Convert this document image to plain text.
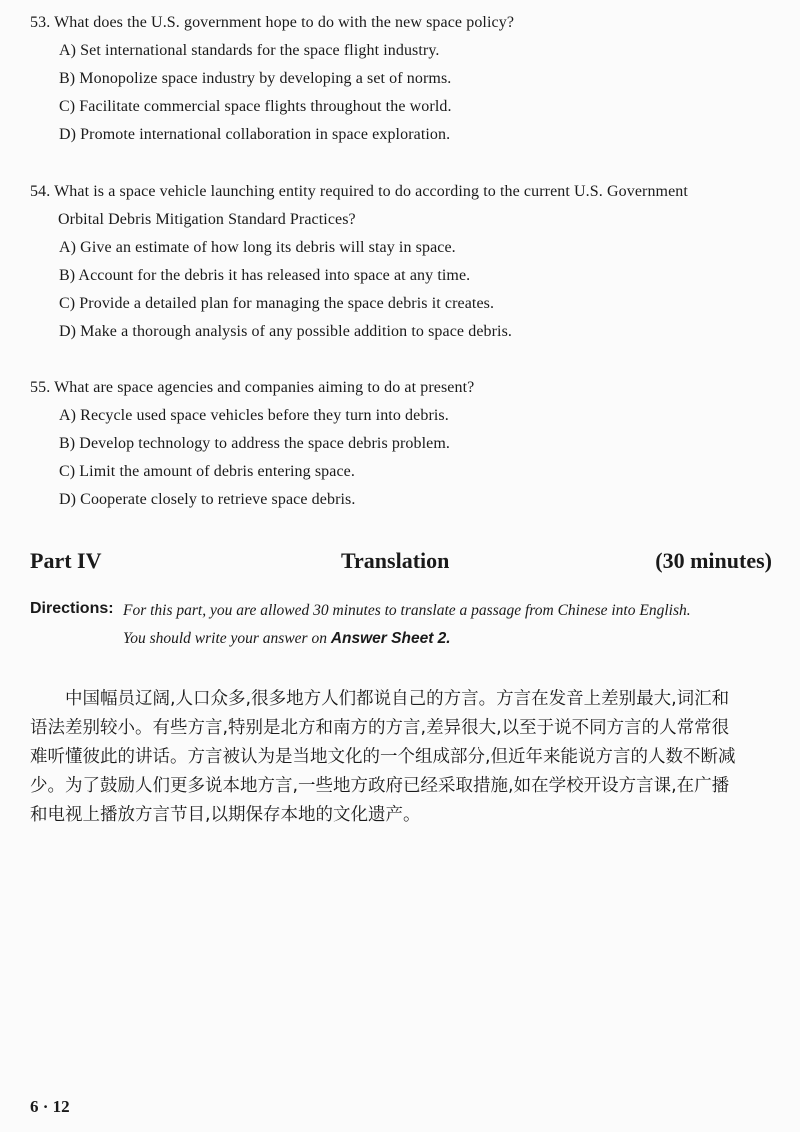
53. What does the U.S. government hope to do with the new space policy?
A) Set international standards for the space flight industry.
B) Monopolize space industry by developing a set of norms.
C) Facilitate commercial space flights throughout the world.
D) Promote international collaboration in space exploration.
54. What is a space vehicle launching entity required to do according to the current U.S. Government
Orbital Debris Mitigation Standard Practices?
A) Give an estimate of how long its debris will stay in space.
B) Account for the debris it has released into space at any time.
C) Provide a detailed plan for managing the space debris it creates.
D) Make a thorough analysis of any possible addition to space debris.
55. What are space agencies and companies aiming to do at present?
A) Recycle used space vehicles before they turn into debris.
B) Develop technology to address the space debris problem.
C) Limit the amount of debris entering space.
D) Cooperate closely to retrieve space debris.
Part IV	Translation	(30 minutes)
Directions: For this part, you are allowed 30 minutes to translate a passage from Chinese into English.
You should write your answer on Answer Sheet 2.
　　中国幅员辽阔,人口众多,很多地方人们都说自己的方言。方言在发音上差别最大,词汇和
语法差别较小。有些方言,特别是北方和南方的方言,差异很大,以至于说不同方言的人常常很
难听懂彼此的讲话。方言被认为是当地文化的一个组成部分,但近年来能说方言的人数不断减
少。为了鼓励人们更多说本地方言,一些地方政府已经采取措施,如在学校开设方言课,在广播
和电视上播放方言节目,以期保存本地的文化遗产。
6 · 12
